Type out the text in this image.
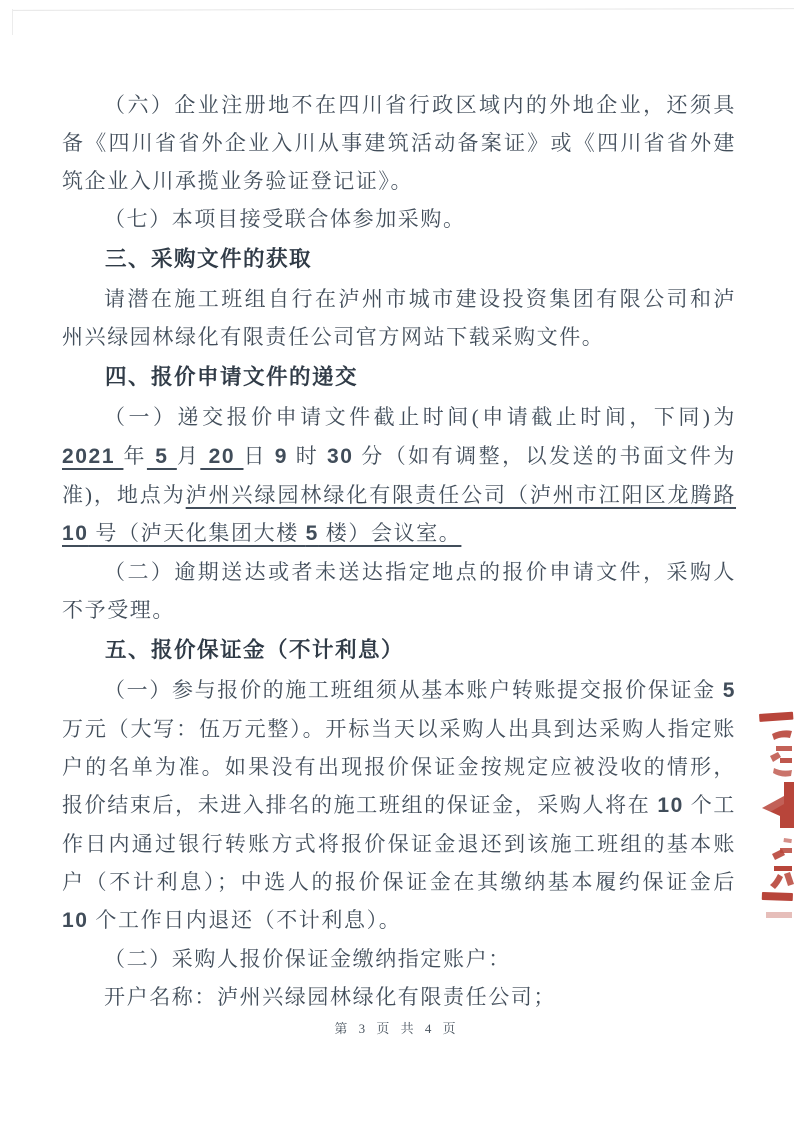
（六）企业注册地不在四川省行政区域内的外地企业，还须具备《四川省省外企业入川从事建筑活动备案证》或《四川省省外建筑企业入川承揽业务验证登记证》。

（七）本项目接受联合体参加采购。

三、采购文件的获取

请潜在施工班组自行在泸州市城市建设投资集团有限公司和泸州兴绿园林绿化有限责任公司官方网站下载采购文件。

四、报价申请文件的递交

（一）递交报价申请文件截止时间(申请截止时间，下同)为 2021 年 5 月 20 日 9 时 30 分（如有调整，以发送的书面文件为准)，地点为泸州兴绿园林绿化有限责任公司（泸州市江阳区龙腾路 10 号（泸天化集团大楼 5 楼）会议室。

（二）逾期送达或者未送达指定地点的报价申请文件，采购人不予受理。

五、报价保证金（不计利息）

（一）参与报价的施工班组须从基本账户转账提交报价保证金 5 万元（大写：伍万元整）。开标当天以采购人出具到达采购人指定账户的名单为准。如果没有出现报价保证金按规定应被没收的情形，报价结束后，未进入排名的施工班组的保证金，采购人将在 10 个工作日内通过银行转账方式将报价保证金退还到该施工班组的基本账户（不计利息）；中选人的报价保证金在其缴纳基本履约保证金后 10 个工作日内退还（不计利息）。

（二）采购人报价保证金缴纳指定账户：

开户名称：泸州兴绿园林绿化有限责任公司；

第 3 页 共 4 页
